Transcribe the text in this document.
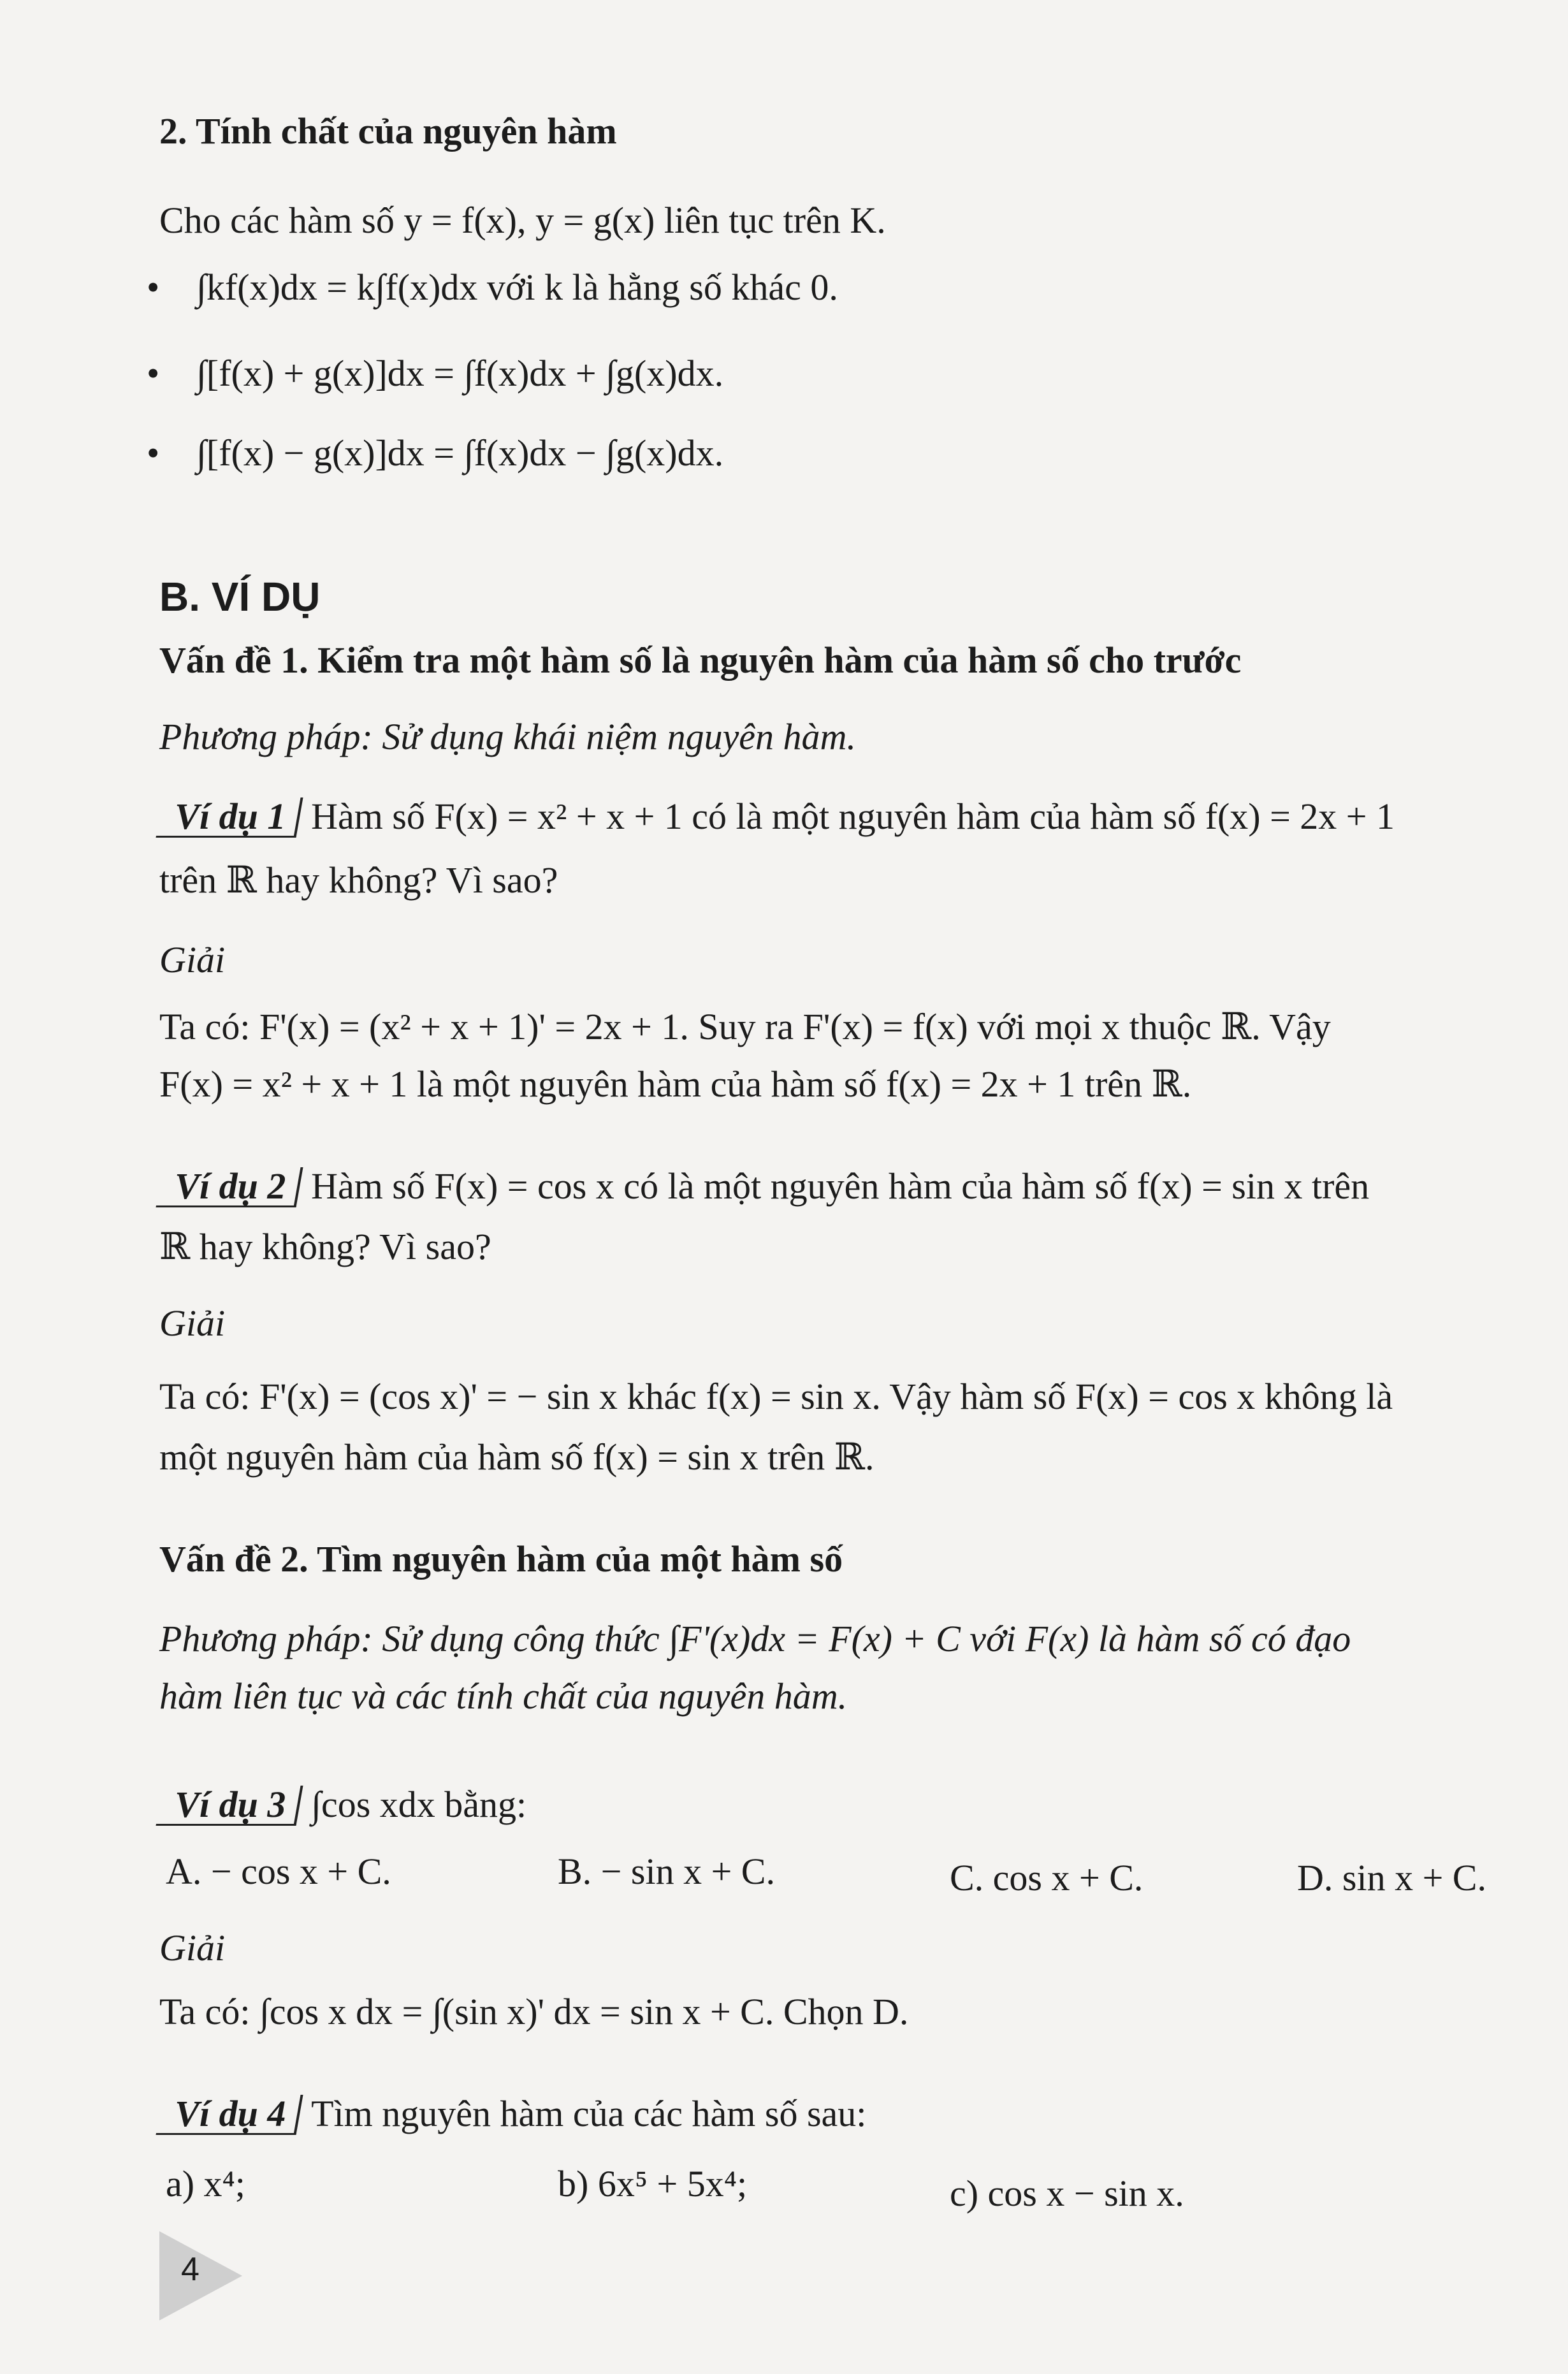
2. Tính chất của nguyên hàm
Cho các hàm số y = f(x), y = g(x) liên tục trên K.
• ∫kf(x)dx = k∫f(x)dx với k là hằng số khác 0.
• ∫[f(x) + g(x)]dx = ∫f(x)dx + ∫g(x)dx.
• ∫[f(x) − g(x)]dx = ∫f(x)dx − ∫g(x)dx.
B. VÍ DỤ
Vấn đề 1. Kiểm tra một hàm số là nguyên hàm của hàm số cho trước
Phương pháp: Sử dụng khái niệm nguyên hàm.
Ví dụ 1 Hàm số F(x) = x² + x + 1 có là một nguyên hàm của hàm số f(x) = 2x + 1
trên ℝ hay không? Vì sao?
Giải
Ta có: F'(x) = (x² + x + 1)' = 2x + 1. Suy ra F'(x) = f(x) với mọi x thuộc ℝ. Vậy
F(x) = x² + x + 1 là một nguyên hàm của hàm số f(x) = 2x + 1 trên ℝ.
Ví dụ 2 Hàm số F(x) = cos x có là một nguyên hàm của hàm số f(x) = sin x trên
ℝ hay không? Vì sao?
Giải
Ta có: F'(x) = (cos x)' = − sin x khác f(x) = sin x. Vậy hàm số F(x) = cos x không là
một nguyên hàm của hàm số f(x) = sin x trên ℝ.
Vấn đề 2. Tìm nguyên hàm của một hàm số
Phương pháp: Sử dụng công thức ∫F'(x)dx = F(x) + C với F(x) là hàm số có đạo
hàm liên tục và các tính chất của nguyên hàm.
Ví dụ 3 ∫cos xdx bằng:
A. − cos x + C.	B. − sin x + C.	C. cos x + C.	D. sin x + C.
Giải
Ta có: ∫cos x dx = ∫(sin x)' dx = sin x + C. Chọn D.
Ví dụ 4 Tìm nguyên hàm của các hàm số sau:
a) x⁴;	b) 6x⁵ + 5x⁴;	c) cos x − sin x.
4
